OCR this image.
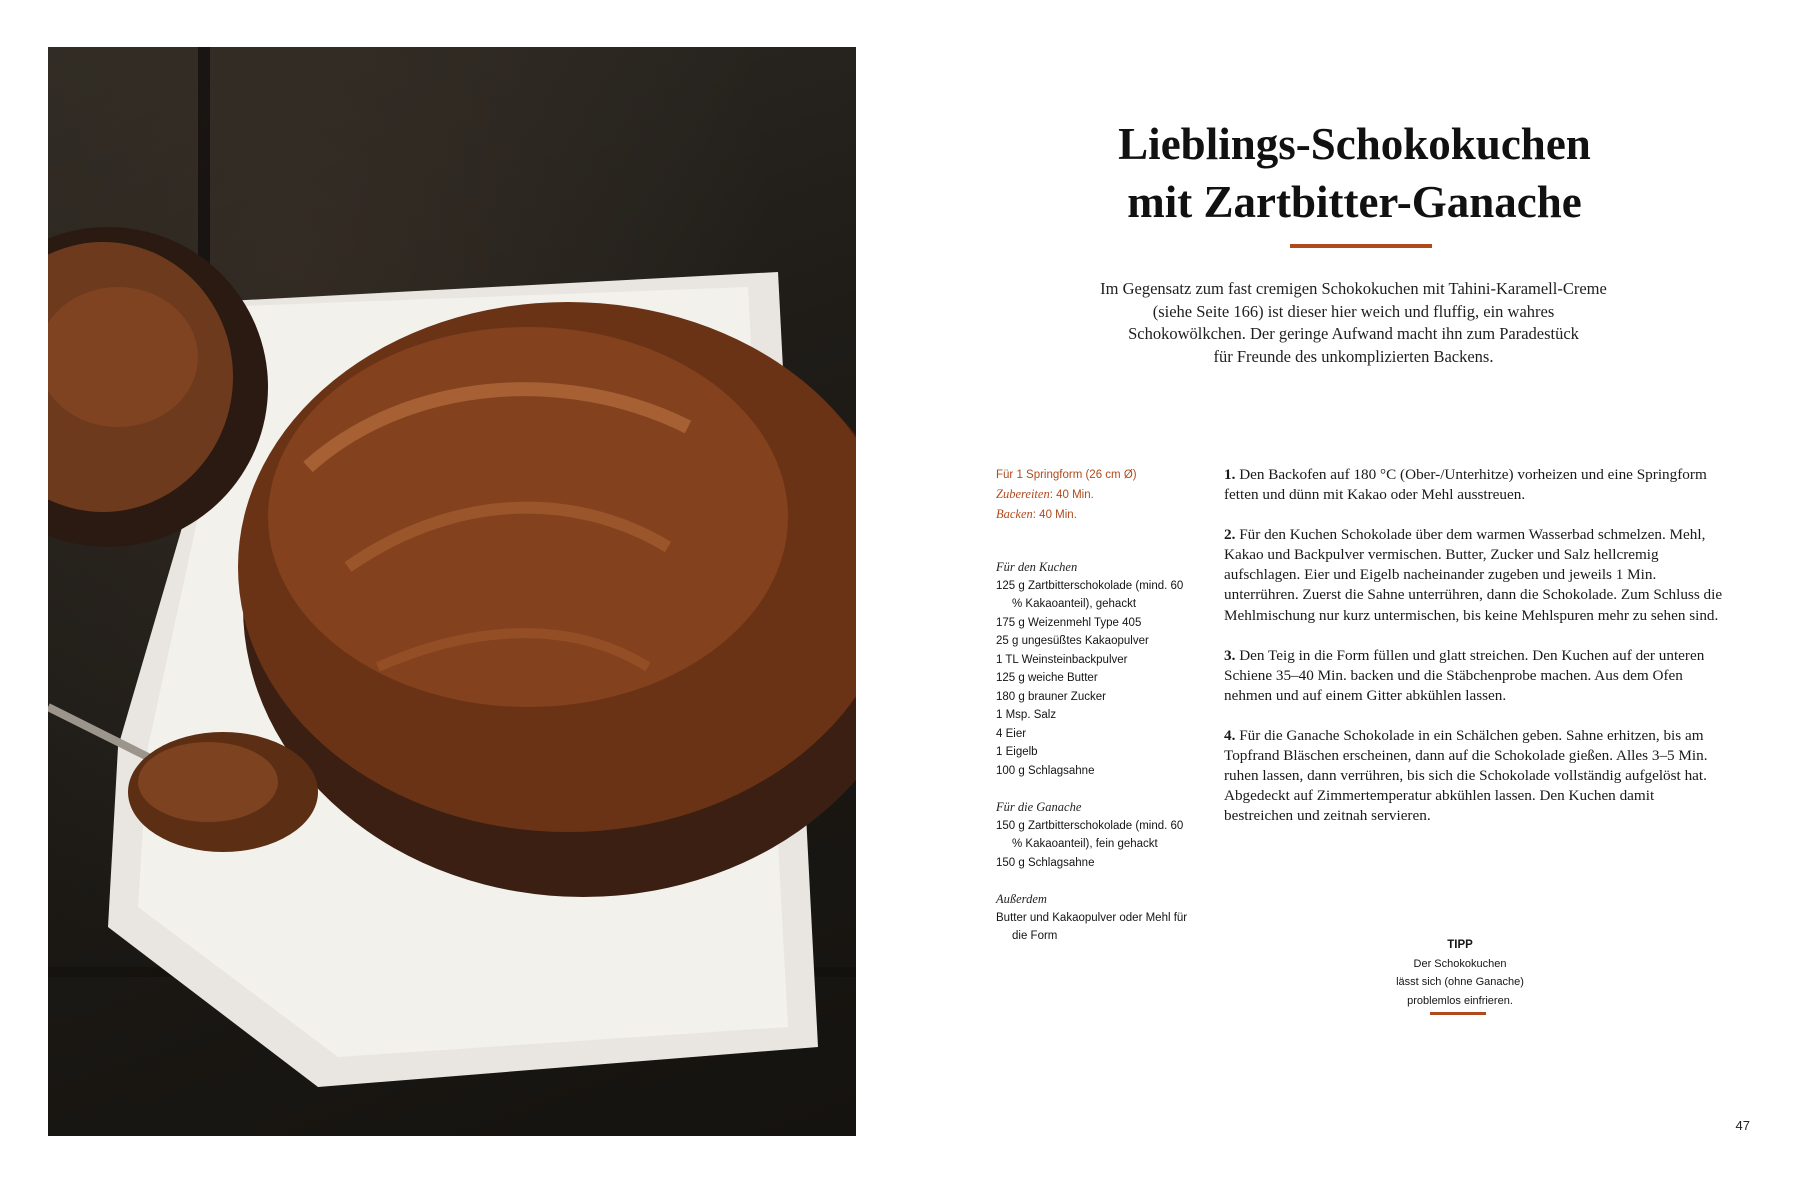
Lieblings-Schokokuchen
mit Zartbitter-Ganache
Im Gegensatz zum fast cremigen Schokokuchen mit Tahini-Karamell-Creme
(siehe Seite 166) ist dieser hier weich und fluffig, ein wahres
Schokowölkchen. Der geringe Aufwand macht ihn zum Paradestück
für Freunde des unkomplizierten Backens.
Für 1 Springform (26 cm Ø)
Zubereiten: 40 Min.
Backen: 40 Min.
Für den Kuchen
125 g Zartbitterschokolade (mind. 60 % Kakaoanteil), gehackt
175 g Weizenmehl Type 405
25 g ungesüßtes Kakaopulver
1 TL Weinsteinbackpulver
125 g weiche Butter
180 g brauner Zucker
1 Msp. Salz
4 Eier
1 Eigelb
100 g Schlagsahne
Für die Ganache
150 g Zartbitterschokolade (mind. 60 % Kakaoanteil), fein gehackt
150 g Schlagsahne
Außerdem
Butter und Kakaopulver oder Mehl für die Form
1. Den Backofen auf 180 °C (Ober-/Unterhitze) vorheizen und eine Springform fetten und dünn mit Kakao oder Mehl ausstreuen.
2. Für den Kuchen Schokolade über dem warmen Wasserbad schmelzen. Mehl, Kakao und Backpulver vermischen. Butter, Zucker und Salz hellcremig aufschlagen. Eier und Eigelb nacheinander zugeben und jeweils 1 Min. unterrühren. Zuerst die Sahne unterrühren, dann die Schokolade. Zum Schluss die Mehlmischung nur kurz untermischen, bis keine Mehlspuren mehr zu sehen sind.
3. Den Teig in die Form füllen und glatt streichen. Den Kuchen auf der unteren Schiene 35–40 Min. backen und die Stäbchenprobe machen. Aus dem Ofen nehmen und auf einem Gitter abkühlen lassen.
4. Für die Ganache Schokolade in ein Schälchen geben. Sahne erhitzen, bis am Topfrand Bläschen erscheinen, dann auf die Schokolade gießen. Alles 3–5 Min. ruhen lassen, dann verrühren, bis sich die Schokolade vollständig aufgelöst hat. Abgedeckt auf Zimmertemperatur abkühlen lassen. Den Kuchen damit bestreichen und zeitnah servieren.
TIPP
Der Schokokuchen
lässt sich (ohne Ganache)
problemlos einfrieren.
47
